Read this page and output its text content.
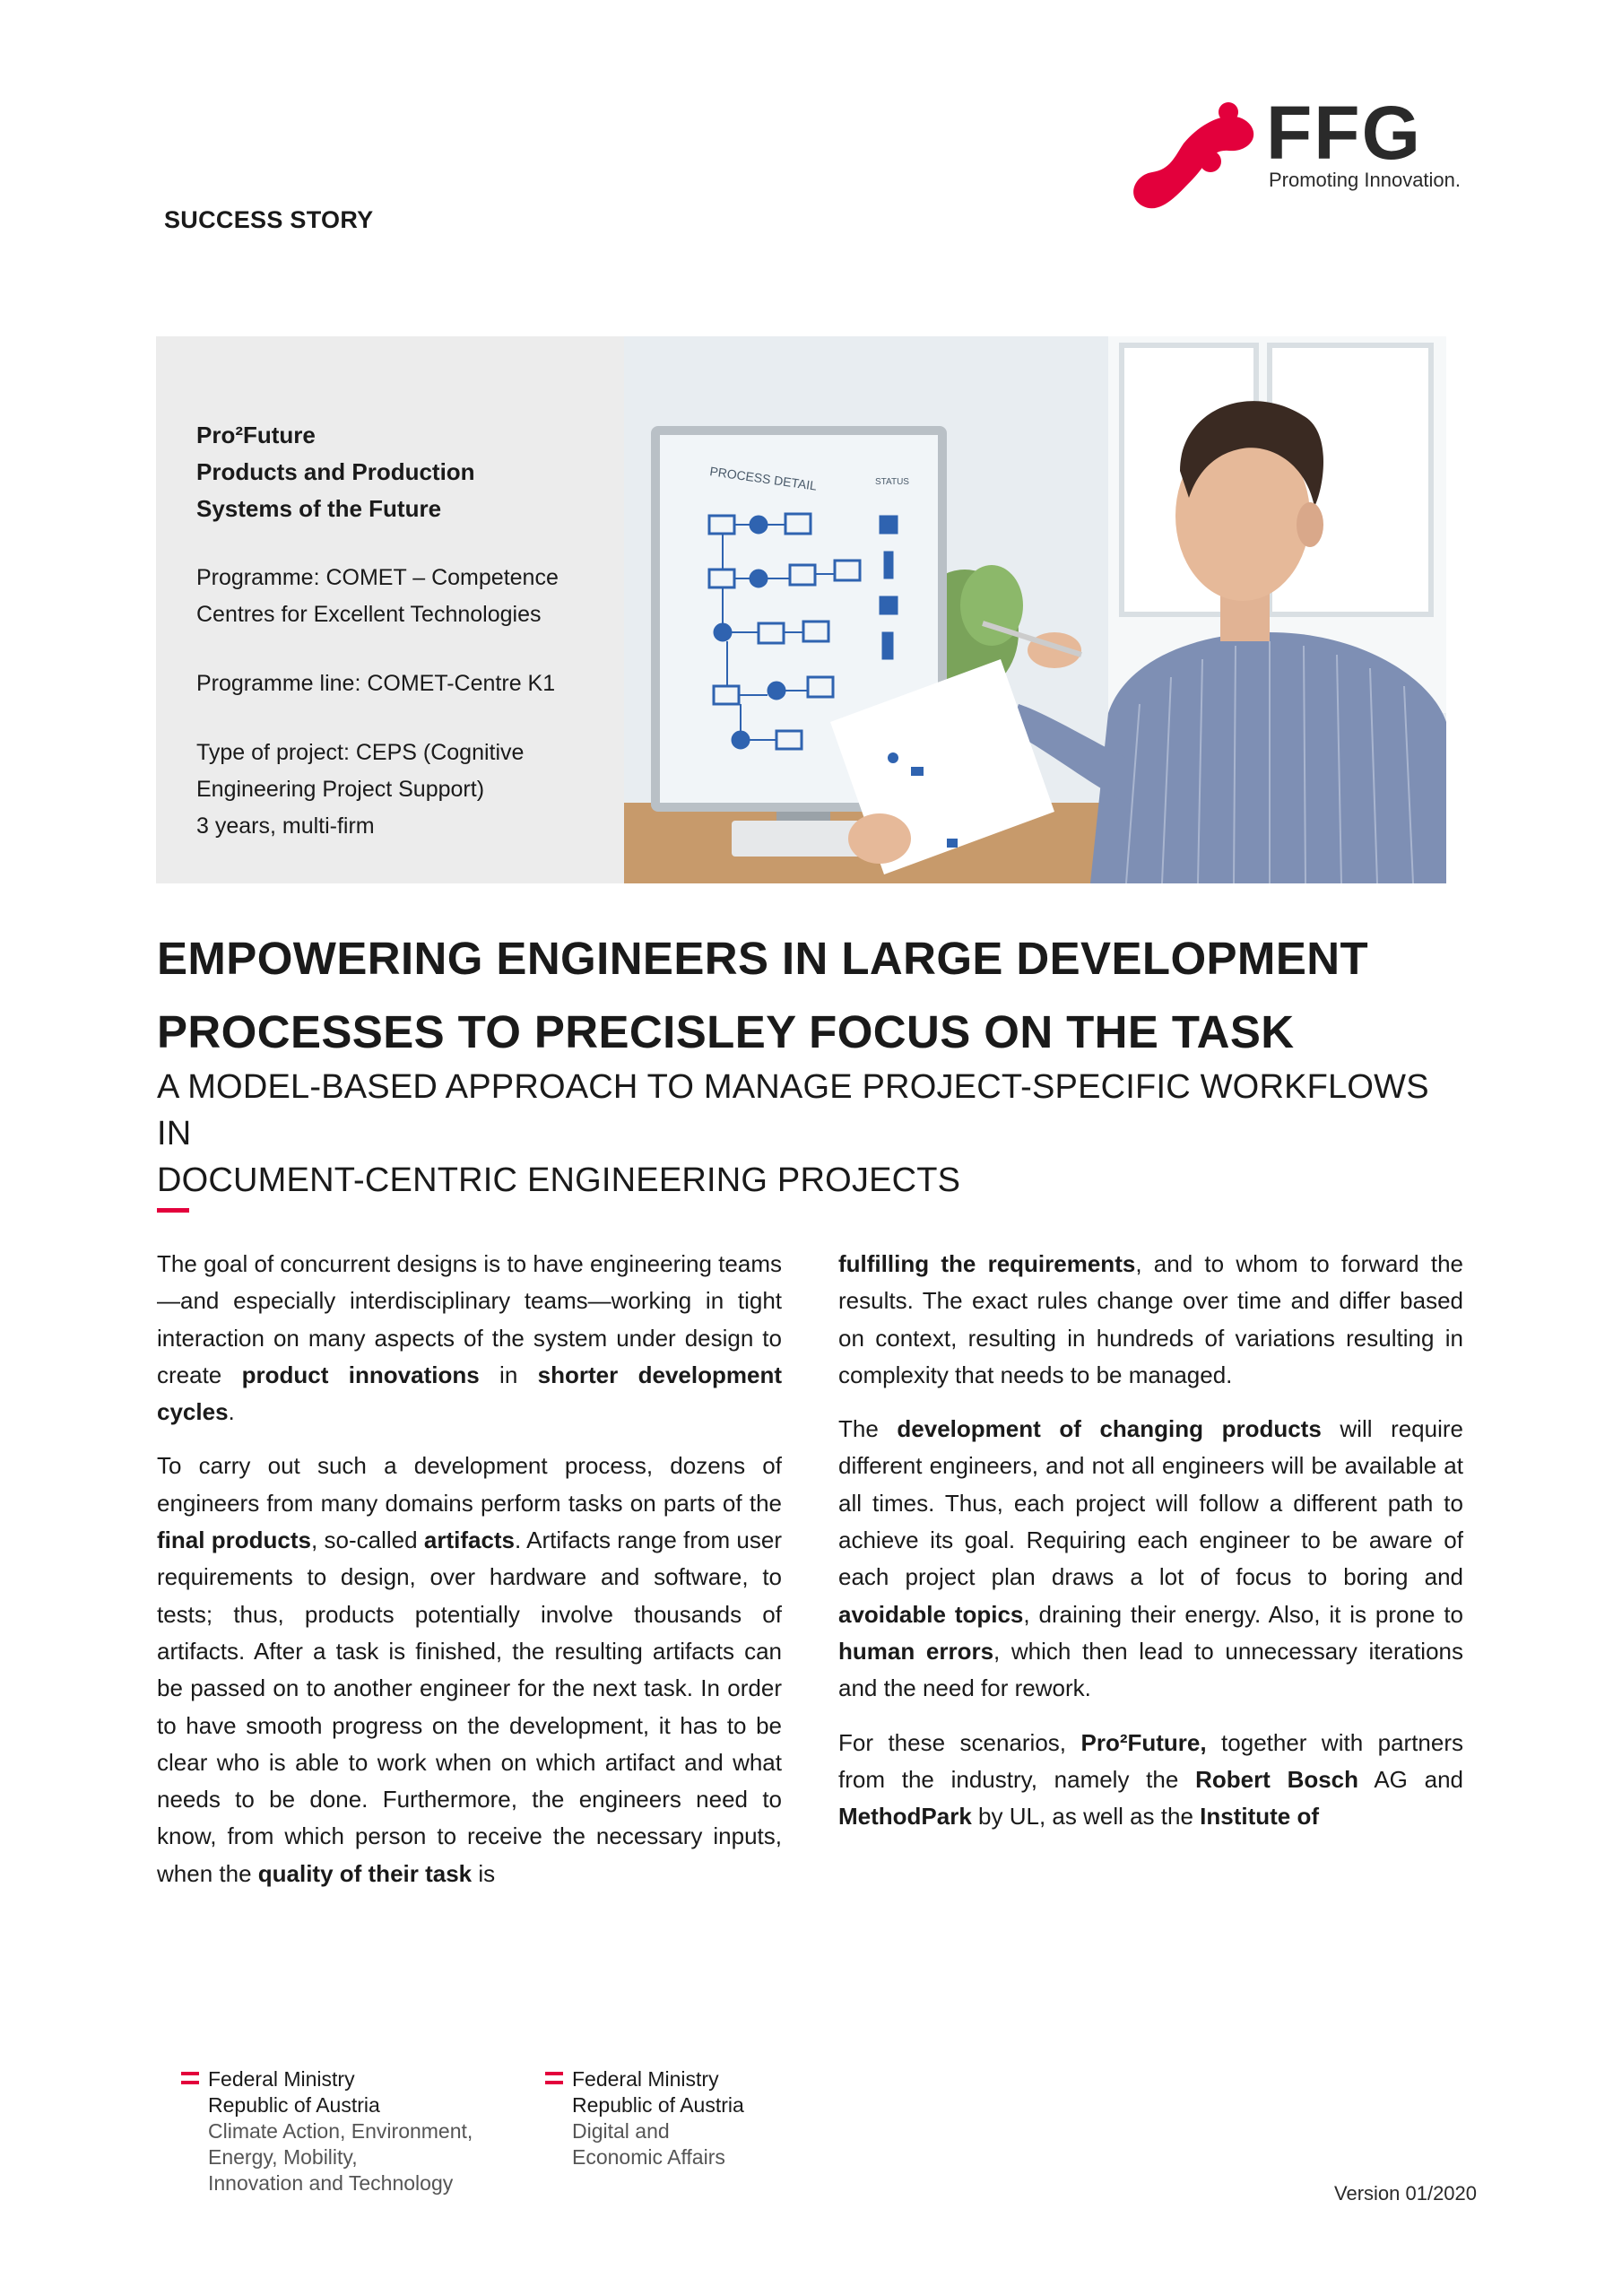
SUCCESS STORY
FFG
Promoting Innovation.

Pro²Future

Products and Production

Systems of the Future

Programme: COMET – Competence

Centres for Excellent Technologies

Programme line: COMET-Centre K1

Type of project: CEPS (Cognitive

Engineering Project Support)

3 years, multi-firm

PROCESS DETAIL	STATUS
EMPOWERING ENGINEERS IN LARGE DEVELOPMENT
PROCESSES TO PRECISLEY FOCUS ON THE TASK
A MODEL-BASED APPROACH TO MANAGE PROJECT-SPECIFIC WORKFLOWS IN
DOCUMENT-CENTRIC ENGINEERING PROJECTS

The goal of concurrent designs is to have engineering teams—and especially interdisciplinary teams—working in tight interaction on many aspects of the system under design to create product innovations in shorter development cycles.

To carry out such a development process, dozens of engineers from many domains perform tasks on parts of the final products, so-called artifacts. Artifacts range from user requirements to design, over hardware and software, to tests; thus, products potentially involve thousands of artifacts. After a task is finished, the resulting artifacts can be passed on to another engineer for the next task. In order to have smooth progress on the development, it has to be clear who is able to work when on which artifact and what needs to be done. Furthermore, the engineers need to know, from which person to receive the necessary inputs, when the quality of their task is

fulfilling the requirements, and to whom to forward the results. The exact rules change over time and differ based on context, resulting in hundreds of variations resulting in complexity that needs to be managed.

The development of changing products will require different engineers, and not all engineers will be available at all times. Thus, each project will follow a different path to achieve its goal. Requiring each engineer to be aware of each project plan draws a lot of focus to boring and avoidable topics, draining their energy. Also, it is prone to human errors, which then lead to unnecessary iterations and the need for rework.

For these scenarios, Pro²Future, together with partners from the industry, namely the Robert Bosch AG and MethodPark by UL, as well as the Institute of

Federal Ministry
Republic of Austria
Climate Action, Environment,
Energy, Mobility,
Innovation and Technology
Federal Ministry
Republic of Austria
Digital and
Economic Affairs
Version 01/2020
